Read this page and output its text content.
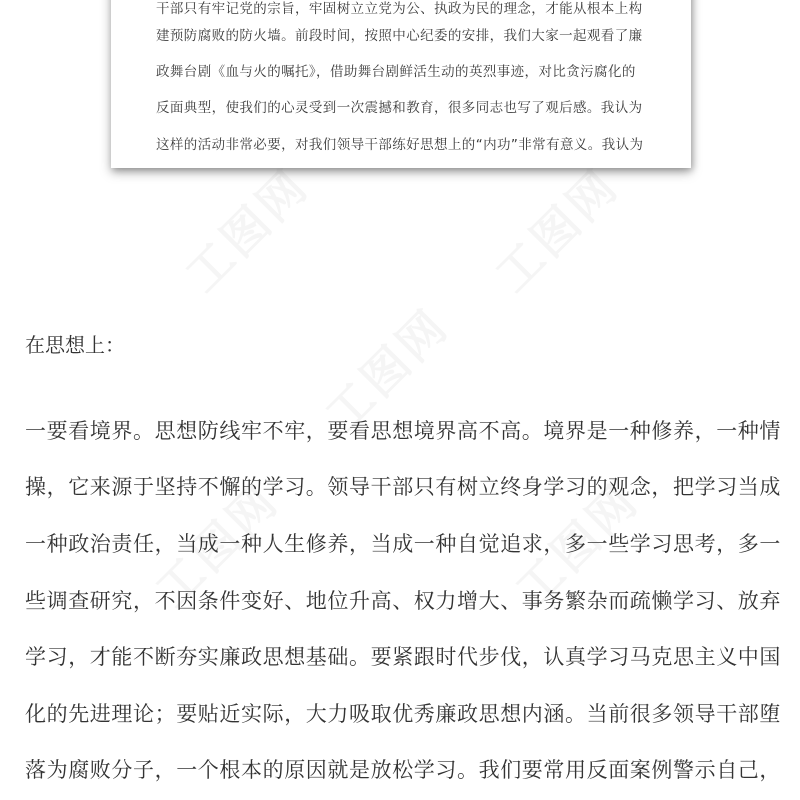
工图网	工图网
工图网
工图网	工图网
干部只有牢记党的宗旨，牢固树立立党为公、执政为民的理念，才能从根本上构
建预防腐败的防火墙。前段时间，按照中心纪委的安排，我们大家一起观看了廉
政舞台剧《血与火的嘱托》，借助舞台剧鲜活生动的英烈事迹，对比贪污腐化的
反面典型，使我们的心灵受到一次震撼和教育，很多同志也写了观后感。我认为
这样的活动非常必要，对我们领导干部练好思想上的“内功”非常有意义。我认为
在思想上：
一要看境界。思想防线牢不牢，要看思想境界高不高。境界是一种修养，一种情
操，它来源于坚持不懈的学习。领导干部只有树立终身学习的观念，把学习当成
一种政治责任，当成一种人生修养，当成一种自觉追求，多一些学习思考，多一
些调查研究，不因条件变好、地位升高、权力增大、事务繁杂而疏懒学习、放弃
学习，才能不断夯实廉政思想基础。要紧跟时代步伐，认真学习马克思主义中国
化的先进理论；要贴近实际，大力吸取优秀廉政思想内涵。当前很多领导干部堕
落为腐败分子，一个根本的原因就是放松学习。我们要常用反面案例警示自己，
